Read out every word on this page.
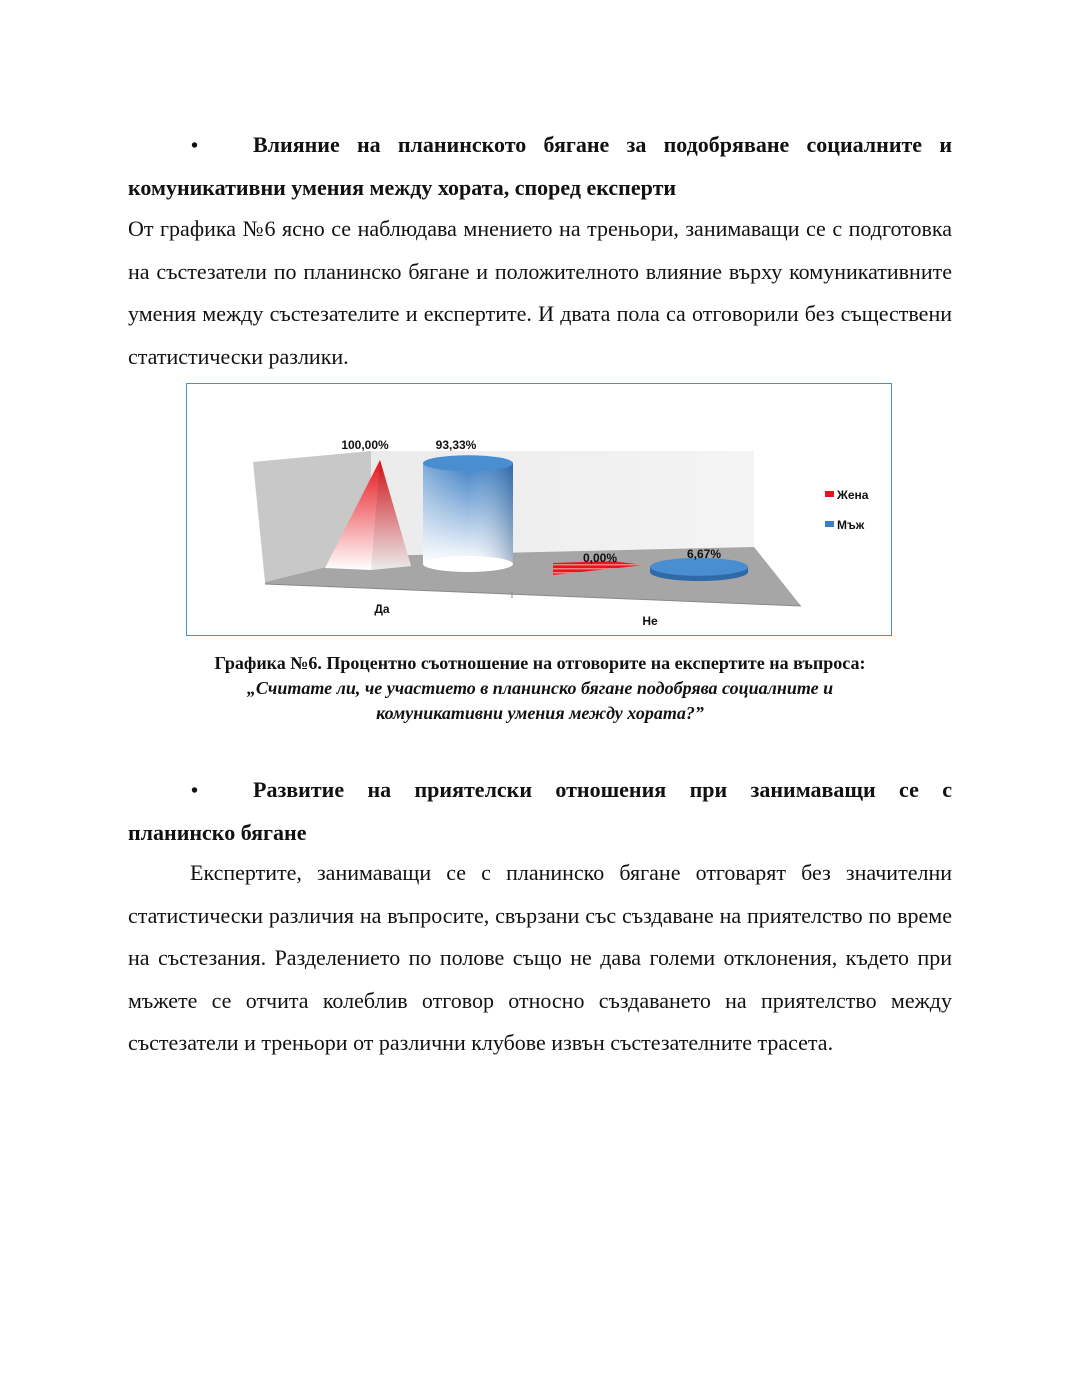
•	Влияние на планинското бягане за подобряване социалните и
комуникативни умения между хората, според експерти

От графика №6 ясно се наблюдава мнението на треньори, занимаващи се с подготовка на състезатели по планинско бягане и положителното влияние върху комуникативните умения между състезателите и експертите. И двата пола са отговорили без съществени статистически разлики.

100,00%	93,33%
0,00%	6,67%
Да
Не
Жена
Мъж
Графика №6. Процентно съотношение на отговорите на експертите на въпроса:
„Считате ли, че участието в планинско бягане подобрява социалните и
комуникативни умения между хората?”
•	Развитие на приятелски отношения при занимаващи се с
планинско бягане

Експертите, занимаващи се с планинско бягане отговарят без значителни статистически различия на въпросите, свързани със създаване на приятелство по време на състезания. Разделението по полове също не дава големи отклонения, където при мъжете се отчита колеблив отговор относно създаването на приятелство между състезатели и треньори от различни клубове извън състезателните трасета.
